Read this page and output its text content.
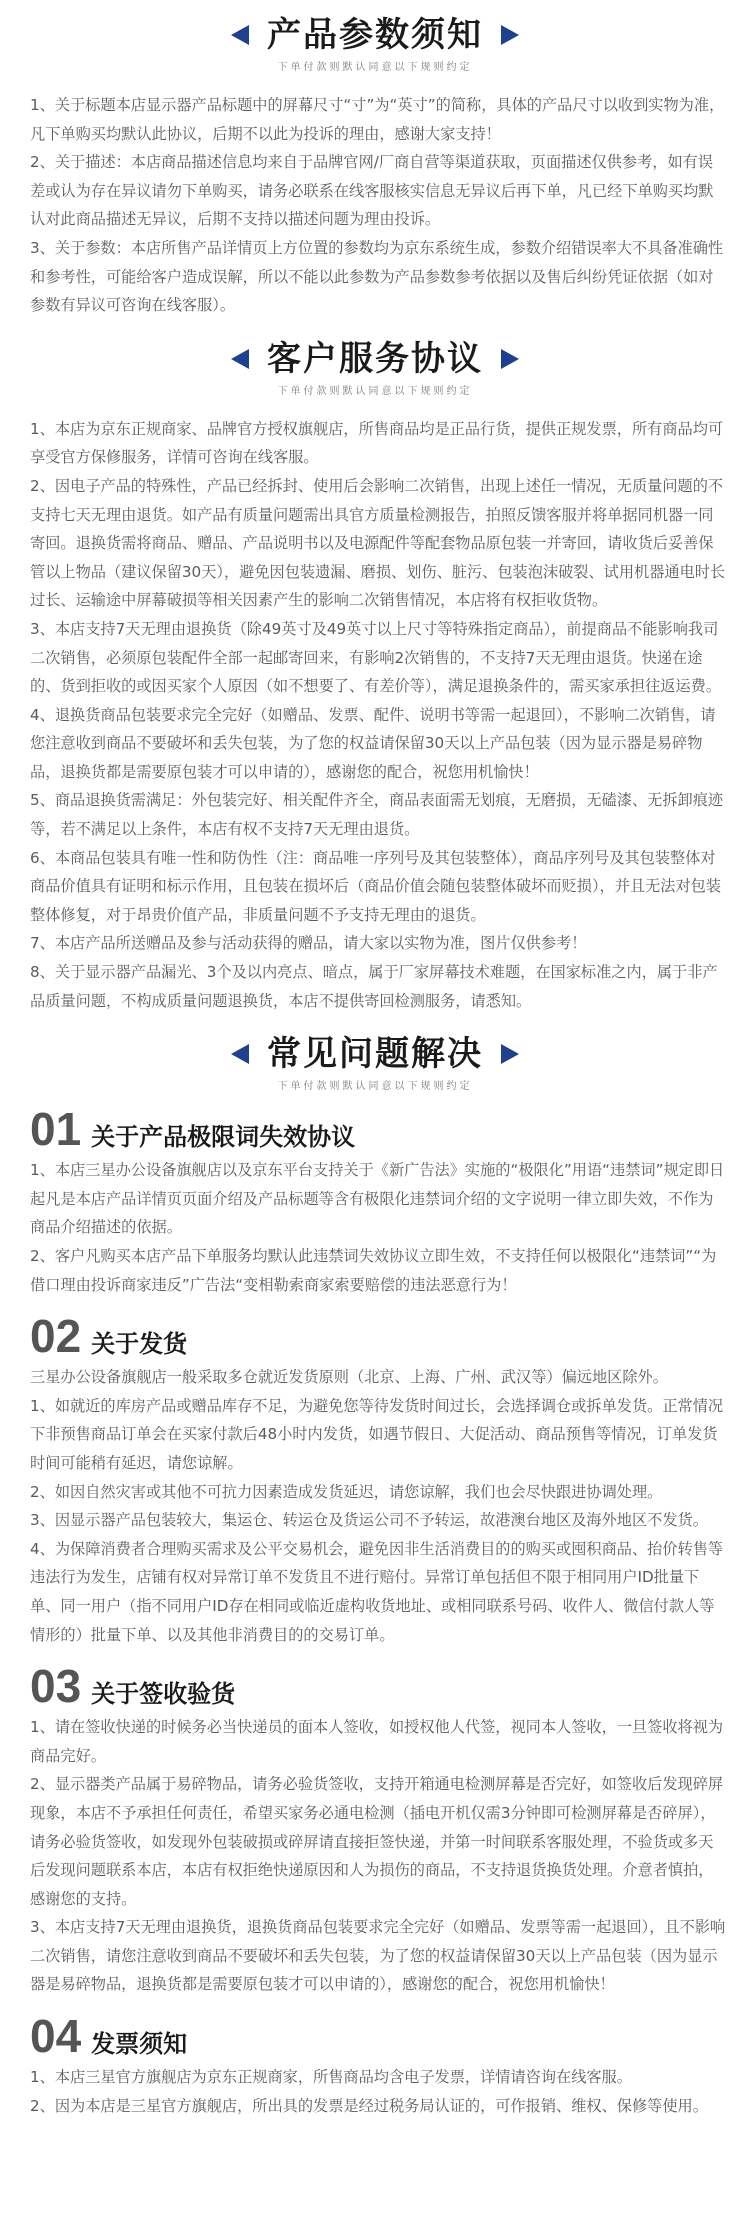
产品参数须知
下单付款则默认同意以下规则约定

1、关于标题本店显示器产品标题中的屏幕尺寸“寸”为“英寸”的简称，具体的产品尺寸以收到实物为准，凡下单购买均默认此协议，后期不以此为投诉的理由，感谢大家支持！

2、关于描述：本店商品描述信息均来自于品牌官网/厂商自营等渠道获取，页面描述仅供参考，如有误差或认为存在异议请勿下单购买，请务必联系在线客服核实信息无异议后再下单，凡已经下单购买均默认对此商品描述无异议，后期不支持以描述问题为理由投诉。

3、关于参数：本店所售产品详情页上方位置的参数均为京东系统生成，参数介绍错误率大不具备准确性和参考性，可能给客户造成误解，所以不能以此参数为产品参数参考依据以及售后纠纷凭证依据（如对参数有异议可咨询在线客服）。

客户服务协议
下单付款则默认同意以下规则约定

1、本店为京东正规商家、品牌官方授权旗舰店，所售商品均是正品行货，提供正规发票，所有商品均可享受官方保修服务，详情可咨询在线客服。

2、因电子产品的特殊性，产品已经拆封、使用后会影响二次销售，出现上述任一情况，无质量问题的不支持七天无理由退货。如产品有质量问题需出具官方质量检测报告，拍照反馈客服并将单据同机器一同寄回。退换货需将商品、赠品、产品说明书以及电源配件等配套物品原包装一并寄回，请收货后妥善保管以上物品（建议保留30天），避免因包装遗漏、磨损、划伤、脏污、包装泡沫破裂、试用机器通电时长过长、运输途中屏幕破损等相关因素产生的影响二次销售情况，本店将有权拒收货物。

3、本店支持7天无理由退换货（除49英寸及49英寸以上尺寸等特殊指定商品），前提商品不能影响我司二次销售，必须原包装配件全部一起邮寄回来，有影响2次销售的，不支持7天无理由退货。快递在途的、货到拒收的或因买家个人原因（如不想要了、有差价等），满足退换条件的，需买家承担往返运费。

4、退换货商品包装要求完全完好（如赠品、发票、配件、说明书等需一起退回），不影响二次销售，请您注意收到商品不要破坏和丢失包装，为了您的权益请保留30天以上产品包装（因为显示器是易碎物品，退换货都是需要原包装才可以申请的），感谢您的配合，祝您用机愉快！

5、商品退换货需满足：外包装完好、相关配件齐全，商品表面需无划痕，无磨损，无磕漆、无拆卸痕迹等，若不满足以上条件，本店有权不支持7天无理由退货。

6、本商品包装具有唯一性和防伪性（注：商品唯一序列号及其包装整体），商品序列号及其包装整体对商品价值具有证明和标示作用，且包装在损坏后（商品价值会随包装整体破坏而贬损），并且无法对包装整体修复，对于昂贵价值产品，非质量问题不予支持无理由的退货。

7、本店产品所送赠品及参与活动获得的赠品，请大家以实物为准，图片仅供参考！

8、关于显示器产品漏光、3个及以内亮点、暗点，属于厂家屏幕技术难题，在国家标准之内，属于非产品质量问题，不构成质量问题退换货，本店不提供寄回检测服务，请悉知。

常见问题解决
下单付款则默认同意以下规则约定
01 关于产品极限词失效协议

1、本店三星办公设备旗舰店以及京东平台支持关于《新广告法》实施的“极限化”用语“违禁词”规定即日起凡是本店产品详情页页面介绍及产品标题等含有极限化违禁词介绍的文字说明一律立即失效，不作为商品介绍描述的依据。

2、客户凡购买本店产品下单服务均默认此违禁词失效协议立即生效，不支持任何以极限化“违禁词”“为借口理由投诉商家违反”广告法“变相勒索商家索要赔偿的违法恶意行为！

02 关于发货

三星办公设备旗舰店一般采取多仓就近发货原则（北京、上海、广州、武汉等）偏远地区除外。

1、如就近的库房产品或赠品库存不足，为避免您等待发货时间过长，会选择调仓或拆单发货。正常情况下非预售商品订单会在买家付款后48小时内发货，如遇节假日、大促活动、商品预售等情况，订单发货时间可能稍有延迟，请您谅解。

2、如因自然灾害或其他不可抗力因素造成发货延迟，请您谅解，我们也会尽快跟进协调处理。

3、因显示器产品包装较大，集运仓、转运仓及货运公司不予转运，故港澳台地区及海外地区不发货。

4、为保障消费者合理购买需求及公平交易机会，避免因非生活消费目的的购买或囤积商品、抬价转售等违法行为发生，店铺有权对异常订单不发货且不进行赔付。异常订单包括但不限于相同用户ID批量下单、同一用户（指不同用户ID存在相同或临近虚构收货地址、或相同联系号码、收件人、微信付款人等情形的）批量下单、以及其他非消费目的的交易订单。

03 关于签收验货

1、请在签收快递的时候务必当快递员的面本人签收，如授权他人代签，视同本人签收，一旦签收将视为商品完好。

2、显示器类产品属于易碎物品，请务必验货签收，支持开箱通电检测屏幕是否完好，如签收后发现碎屏现象，本店不予承担任何责任，希望买家务必通电检测（插电开机仅需3分钟即可检测屏幕是否碎屏），请务必验货签收，如发现外包装破损或碎屏请直接拒签快递，并第一时间联系客服处理，不验货或多天后发现问题联系本店，本店有权拒绝快递原因和人为损伤的商品，不支持退货换货处理。介意者慎拍，感谢您的支持。

3、本店支持7天无理由退换货，退换货商品包装要求完全完好（如赠品、发票等需一起退回），且不影响二次销售，请您注意收到商品不要破坏和丢失包装，为了您的权益请保留30天以上产品包装（因为显示器是易碎物品，退换货都是需要原包装才可以申请的），感谢您的配合，祝您用机愉快！

04 发票须知

1、本店三星官方旗舰店为京东正规商家，所售商品均含电子发票，详情请咨询在线客服。

2、因为本店是三星官方旗舰店，所出具的发票是经过税务局认证的，可作报销、维权、保修等使用。
